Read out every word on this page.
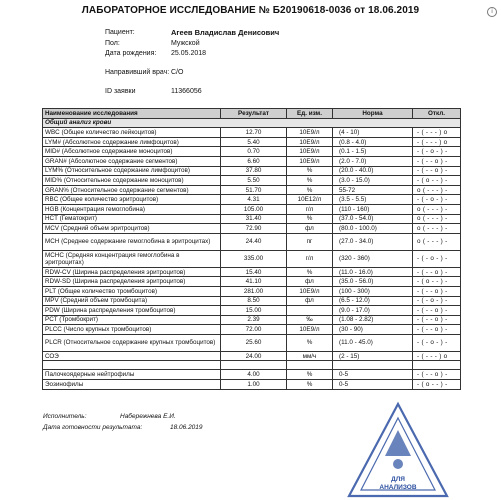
ЛАБОРАТОРНОЕ ИССЛЕДОВАНИЕ № Б20190618-0036 от 18.06.2019	i
Пациент:	Агеев Владислав Денисович
Пол:	Мужской
Дата рождения: 25.05.2018
Направивший врач: С/О
ID заявки	11366056
Наименование исследования	Результат	Ед. изм.	Норма	Откл.
Общий анализ крови				
WBC (Общее количество лейкоцитов)	12.70	10E9/л	(4 - 10)	- ( - - - ) о
LYM# (Абсолютное содержание лимфоцитов)	5.40	10E9/л	(0.8 - 4.0)	- ( - - - ) о
MID# (Абсолютное содержание моноцитов)	0.70	10E9/л	(0.1 - 1.5)	- ( - о - ) -
GRAN# (Абсолютное содержание сегментов)	6.60	10E9/л	(2.0 - 7.0)	- ( - - о ) -
LYM% (Относительное содержание лимфоцитов)	37.80	%	(20.0 - 40.0)	- ( - - о ) -
MID% (Относительное содержание моноцитов)	5.50	%	(3.0 - 15.0)	- ( о - - ) -
GRAN% (Относительное содержание сегментов)	51.70	%	55-72	о ( - - - ) -
RBC (Общее количество эритроцитов)	4.31	10E12/л	(3.5 - 5.5)	- ( - о - ) -
HGB (Концентрация гемоглобина)	105.00	г/л	(110 - 160)	о ( - - - ) -
HCT (Гематокрит)	31.40	%	(37.0 - 54.0)	о ( - - - ) -
MCV (Средний объем эритроцитов)	72.90	фл	(80.0 - 100.0)	о ( - - - ) -
MCH (Среднее содержание гемоглобина в эритроцитах)	24.40	пг	(27.0 - 34.0)	о ( - - - ) -
MCHC (Средняя концентрация гемоглобина в эритроцитах)	335.00	г/л	(320 - 360)	- ( - о - ) -
RDW-CV (Ширина распределения эритроцитов)	15.40	%	(11.0 - 16.0)	- ( - - о ) -
RDW-SD (Ширина распределения эритроцитов)	41.10	фл	(35.0 - 56.0)	- ( о - - ) -
PLT (Общее количество тромбоцитов)	281.00	10E9/л	(100 - 300)	- ( - - о ) -
MPV (Средний объем тромбоцита)	8.50	фл	(6.5 - 12.0)	- ( - о - ) -
PDW (Ширина распределения тромбоцитов)	15.00		(9.0 - 17.0)	- ( - - о ) -
PCT (Тромбокрит)	2.39	‰	(1.08 - 2.82)	- ( - - о ) -
PLCC (Число крупных тромбоцитов)	72.00	10E9/л	(30 - 90)	- ( - - о ) -
PLCR (Относительное содержание крупных тромбоцитов)	25.60	%	(11.0 - 45.0)	- ( - о - ) -
СОЭ	24.00	мм/ч	(2 - 15)	- ( - - - ) о

Палочкоядерные нейтрофилы	4.00	%	0-5	- ( - - о ) -
Эозинофилы	1.00	%	0-5	- ( о - - ) -
Исполнитель:	Набережнева Е.И.
Дата готовности результата:	18.06.2019
ДЛЯ
АНАЛИЗОВ
